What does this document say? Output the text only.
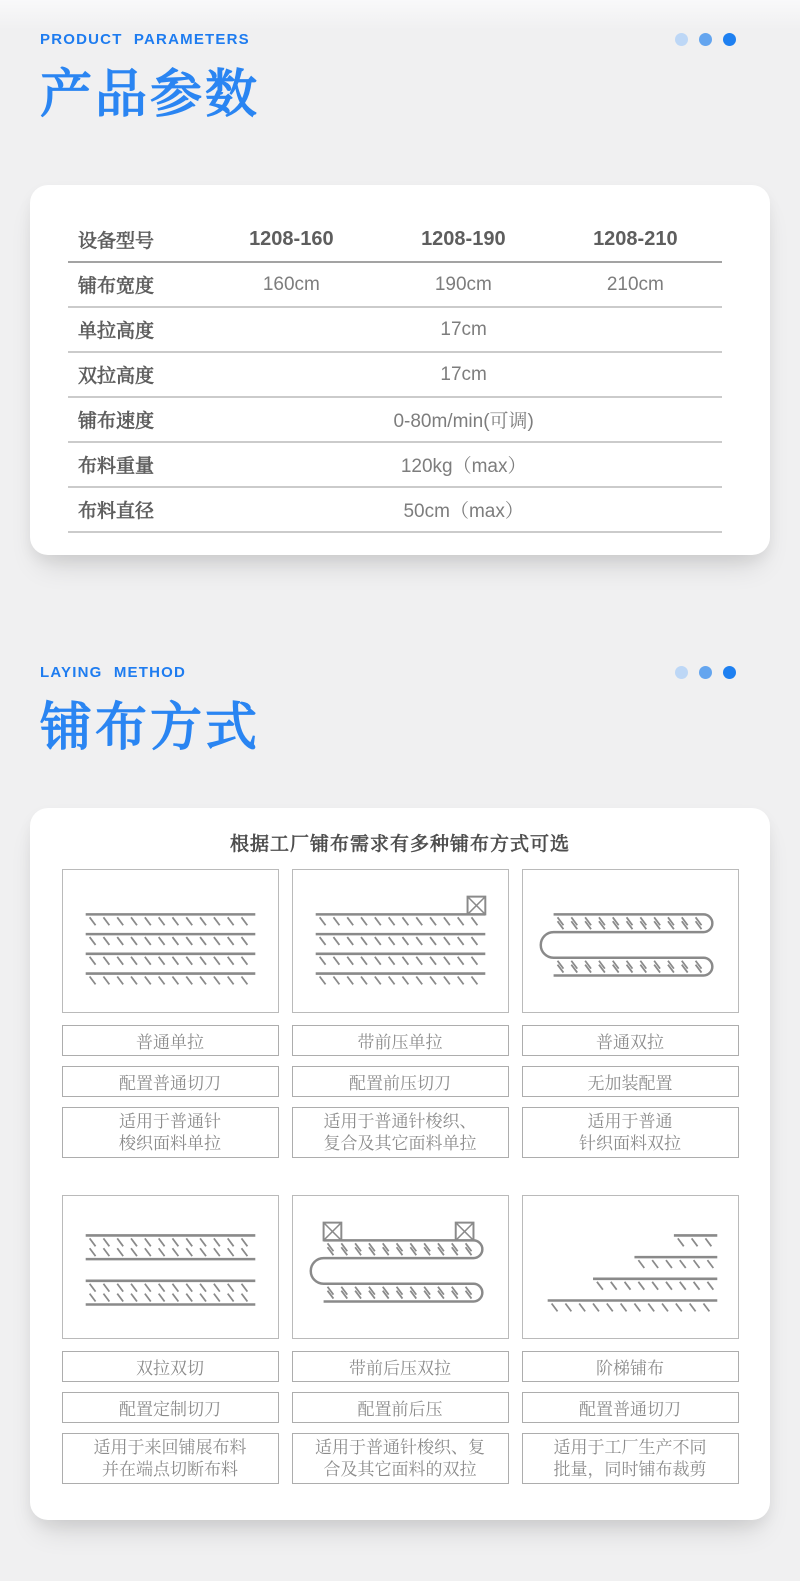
PRODUCT PARAMETERS
产品参数
设备型号	1208-160	1208-190	1208-210
铺布宽度	160cm	190cm	210cm
单拉高度	17cm
双拉高度	17cm
铺布速度	0-80m/min(可调)
布料重量	120kg（max）
布料直径	50cm（max）
LAYING METHOD
铺布方式
根据工厂铺布需求有多种铺布方式可选
普通单拉
配置普通切刀
适用于普通针
梭织面料单拉
带前压单拉
配置前压切刀
适用于普通针梭织、
复合及其它面料单拉
普通双拉
无加装配置
适用于普通
针织面料双拉
双拉双切
配置定制切刀
适用于来回铺展布料
并在端点切断布料
带前后压双拉
配置前后压
适用于普通针梭织、复
合及其它面料的双拉
阶梯铺布
配置普通切刀
适用于工厂生产不同
批量，同时铺布裁剪
